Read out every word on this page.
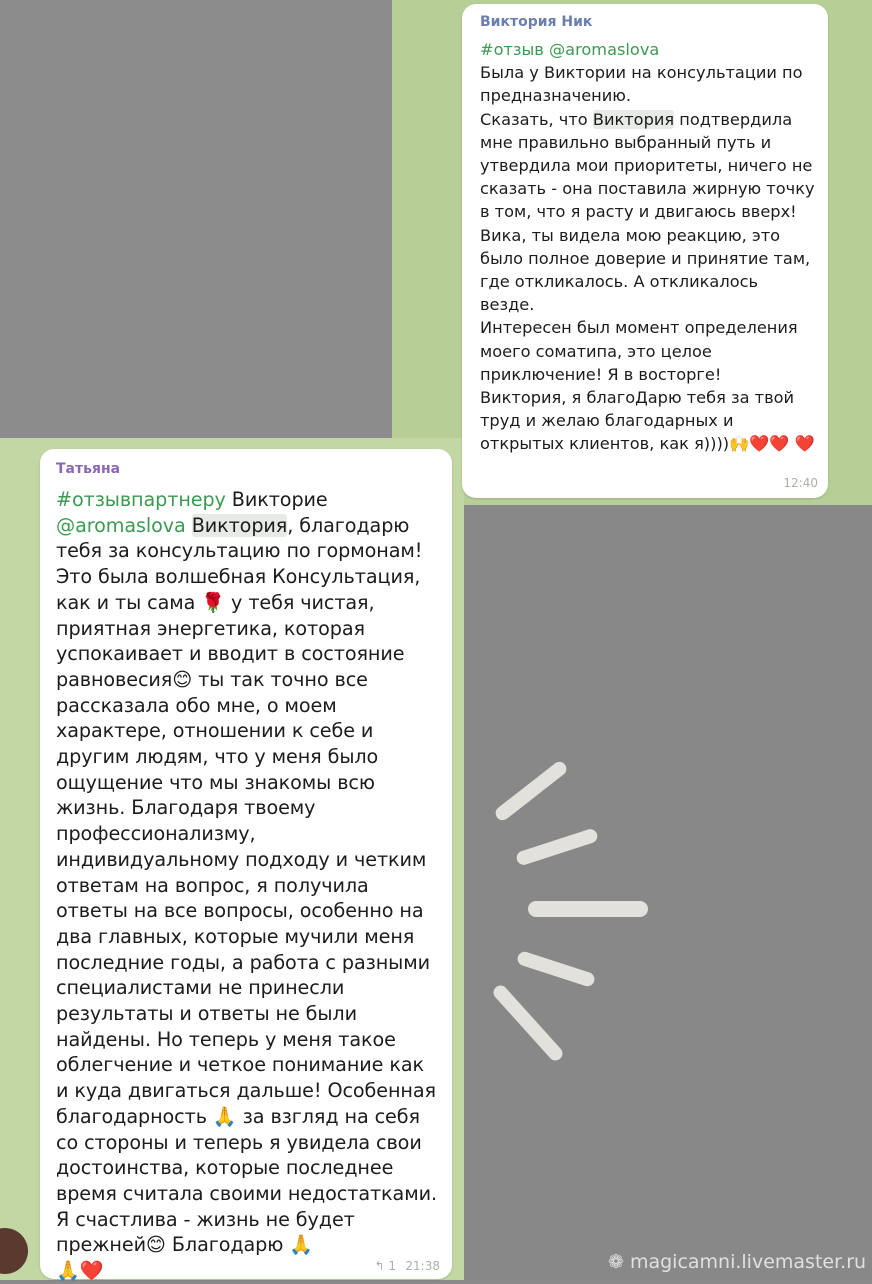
Виктория Ник
#отзыв @aromaslova
Была у Виктории на консультации по предназначению.
Сказать, что Виктория подтвердила мне правильно выбранный путь и утвердила мои приоритеты, ничего не сказать - она поставила жирную точку в том, что я расту и двигаюсь вверх!
Вика, ты видела мою реакцию, это было полное доверие и принятие там, где откликалось. А откликалось везде.
Интересен был момент определения моего соматипа, это целое приключение! Я в восторге!
Виктория, я благоДарю тебя за твой труд и желаю благодарных и открытых клиентов, как я))))🙌❤️❤️ ❤️
12:40
Татьяна
#отзывпартнеру Викторие
@aromaslova Виктория, благодарю тебя за консультацию по гормонам! Это была волшебная Консультация, как и ты сама 🌹 у тебя чистая, приятная энергетика, которая успокаивает и вводит в состояние равновесия😊 ты так точно все рассказала обо мне, о моем характере, отношении к себе и другим людям, что у меня было ощущение что мы знакомы всю жизнь. Благодаря твоему профессионализму, индивидуальному подходу и четким ответам на вопрос, я получила ответы на все вопросы, особенно на два главных, которые мучили меня последние годы, а работа с разными специалистами не принесли результаты и ответы не были найдены. Но теперь у меня такое облегчение и четкое понимание как и куда двигаться дальше! Особенная благодарность 🙏 за взгляд на себя со стороны и теперь я увидела свои достоинства, которые последнее время считала своими недостатками. Я счастлива - жизнь не будет прежней😊 Благодарю 🙏
🙏❤️	↰ 1 21:38	❁ magicamni.livemaster.ru
